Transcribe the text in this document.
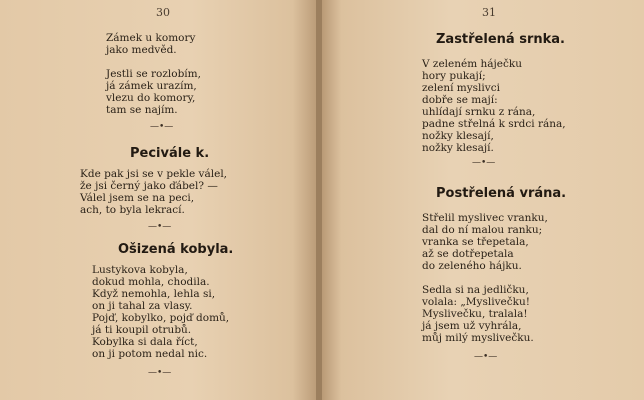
30
Zámek u komory
jako medvěd.
Jestli se rozlobím,
já zámek urazím,
vlezu do komory,
tam se najím.
—•—
Pecivále k.
Kde pak jsi se v pekle válel,
že jsi černý jako ďábel? —
Válel jsem se na peci,
ach, to byla lekrací.
—•—
Ošizená kobyla.
Lustykova kobyla,
dokud mohla, chodila.
Když nemohla, lehla si,
on ji tahal za vlasy.
Pojď, kobylko, pojď domů,
já ti koupil otrubů.
Kobylka si dala říct,
on ji potom nedal nic.
—•—
31
Zastřelená srnka.
V zeleném háječku
hory pukají;
zelení myslivci
dobře se mají:
uhlídají srnku z rána,
padne střelná k srdci rána,
nožky klesají,
nožky klesají.
—•—
Postřelená vrána.
Střelil myslivec vranku,
dal do ní malou ranku;
vranka se třepetala,
až se dotřepetala
do zeleného hájku.
Sedla si na jedličku,
volala: „Myslivečku!
Myslivečku, tralala!
já jsem už vyhrála,
můj milý myslivečku.
—•—
